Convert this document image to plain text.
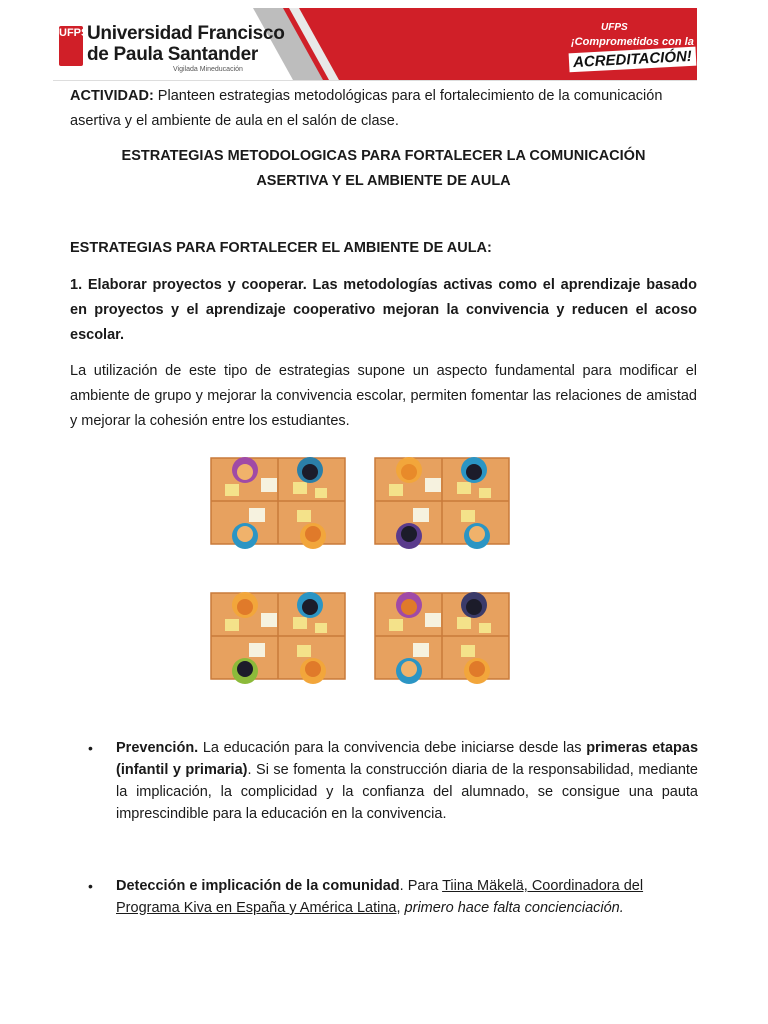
UFPS
Universidad Francisco
de Paula Santander
Vigilada Mineducación
UFPS
¡Comprometidos con la
ACREDITACIÓN!
ACTIVIDAD: Planteen estrategias metodológicas para el fortalecimiento de la comunicación asertiva y el ambiente de aula en el salón de clase.
ESTRATEGIAS METODOLOGICAS PARA FORTALECER LA COMUNICACIÓN
ASERTIVA Y EL AMBIENTE DE AULA
ESTRATEGIAS PARA FORTALECER EL AMBIENTE DE AULA:
1. Elaborar proyectos y cooperar. Las metodologías activas como el aprendizaje basado en proyectos y el aprendizaje cooperativo mejoran la convivencia y reducen el acoso escolar.
La utilización de este tipo de estrategias supone un aspecto fundamental para modificar el ambiente de grupo y mejorar la convivencia escolar, permiten fomentar las relaciones de amistad y mejorar la cohesión entre los estudiantes.
• Prevención. La educación para la convivencia debe iniciarse desde las primeras etapas (infantil y primaria). Si se fomenta la construcción diaria de la responsabilidad, mediante la implicación, la complicidad y la confianza del alumnado, se consigue una pauta imprescindible para la educación en la convivencia.
• Detección e implicación de la comunidad. Para Tiina Mäkelä, Coordinadora del Programa Kiva en España y América Latina, primero hace falta concienciación.
